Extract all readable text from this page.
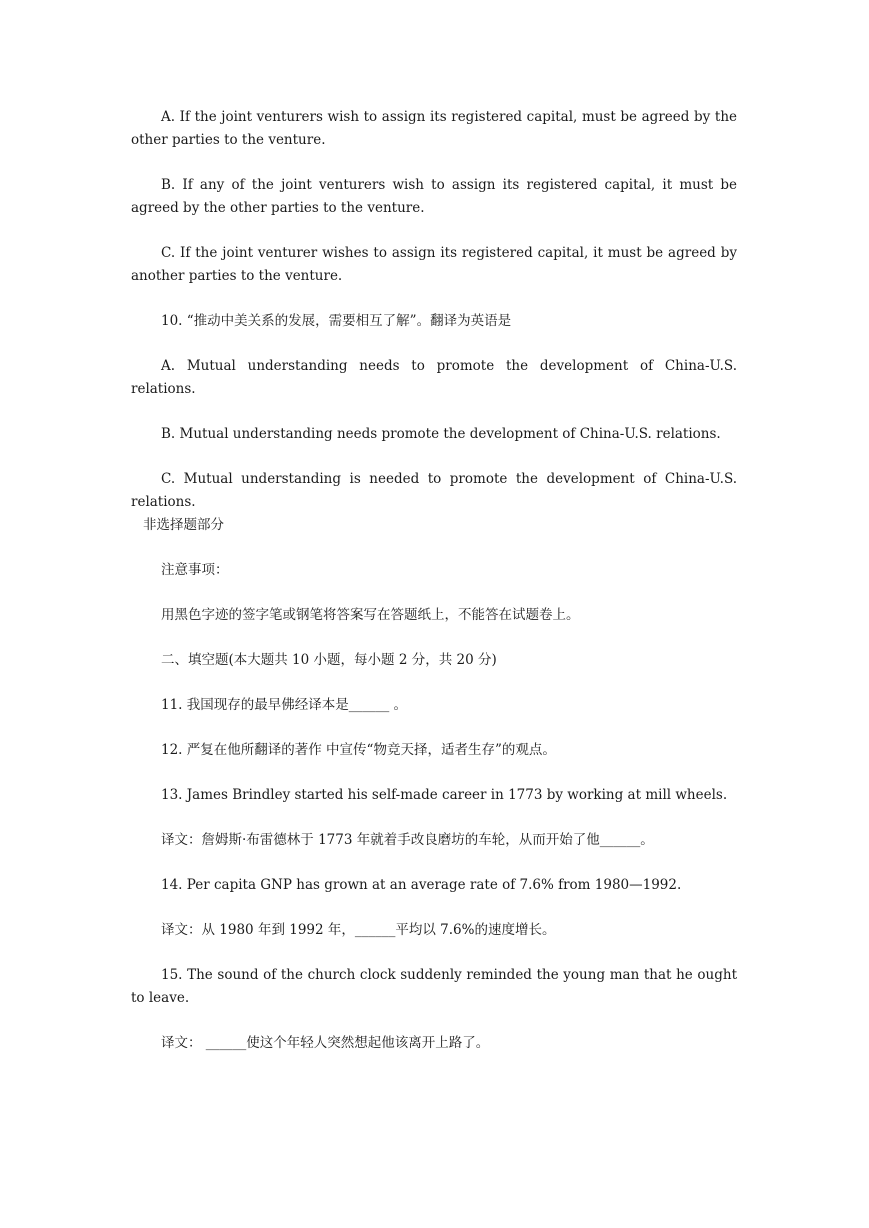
A. If the joint venturers wish to assign its registered capital, must be agreed by the other parties to the venture.

B. If any of the joint venturers wish to assign its registered capital, it must be agreed by the other parties to the venture.

C. If the joint venturer wishes to assign its registered capital, it must be agreed by another parties to the venture.

10. “推动中美关系的发展，需要相互了解”。翻译为英语是

A. Mutual understanding needs to promote the development of China-U.S. relations.

B. Mutual understanding needs promote the development of China-U.S. relations.

C. Mutual understanding is needed to promote the development of China-U.S. relations.

非选择题部分

注意事项：

用黑色字迹的签字笔或钢笔将答案写在答题纸上，不能答在试题卷上。

二、填空题(本大题共 10 小题，每小题 2 分，共 20 分)

11. 我国现存的最早佛经译本是______ 。

12. 严复在他所翻译的著作 中宣传“物竞天择，适者生存”的观点。

13. James Brindley started his self-made career in 1773 by working at mill wheels.

译文：詹姆斯·布雷德林于 1773 年就着手改良磨坊的车轮，从而开始了他______。

14. Per capita GNP has grown at an average rate of 7.6% from 1980—1992.

译文：从 1980 年到 1992 年，______平均以 7.6%的速度增长。

15. The sound of the church clock suddenly reminded the young man that he ought to leave.

译文： ______使这个年轻人突然想起他该离开上路了。
